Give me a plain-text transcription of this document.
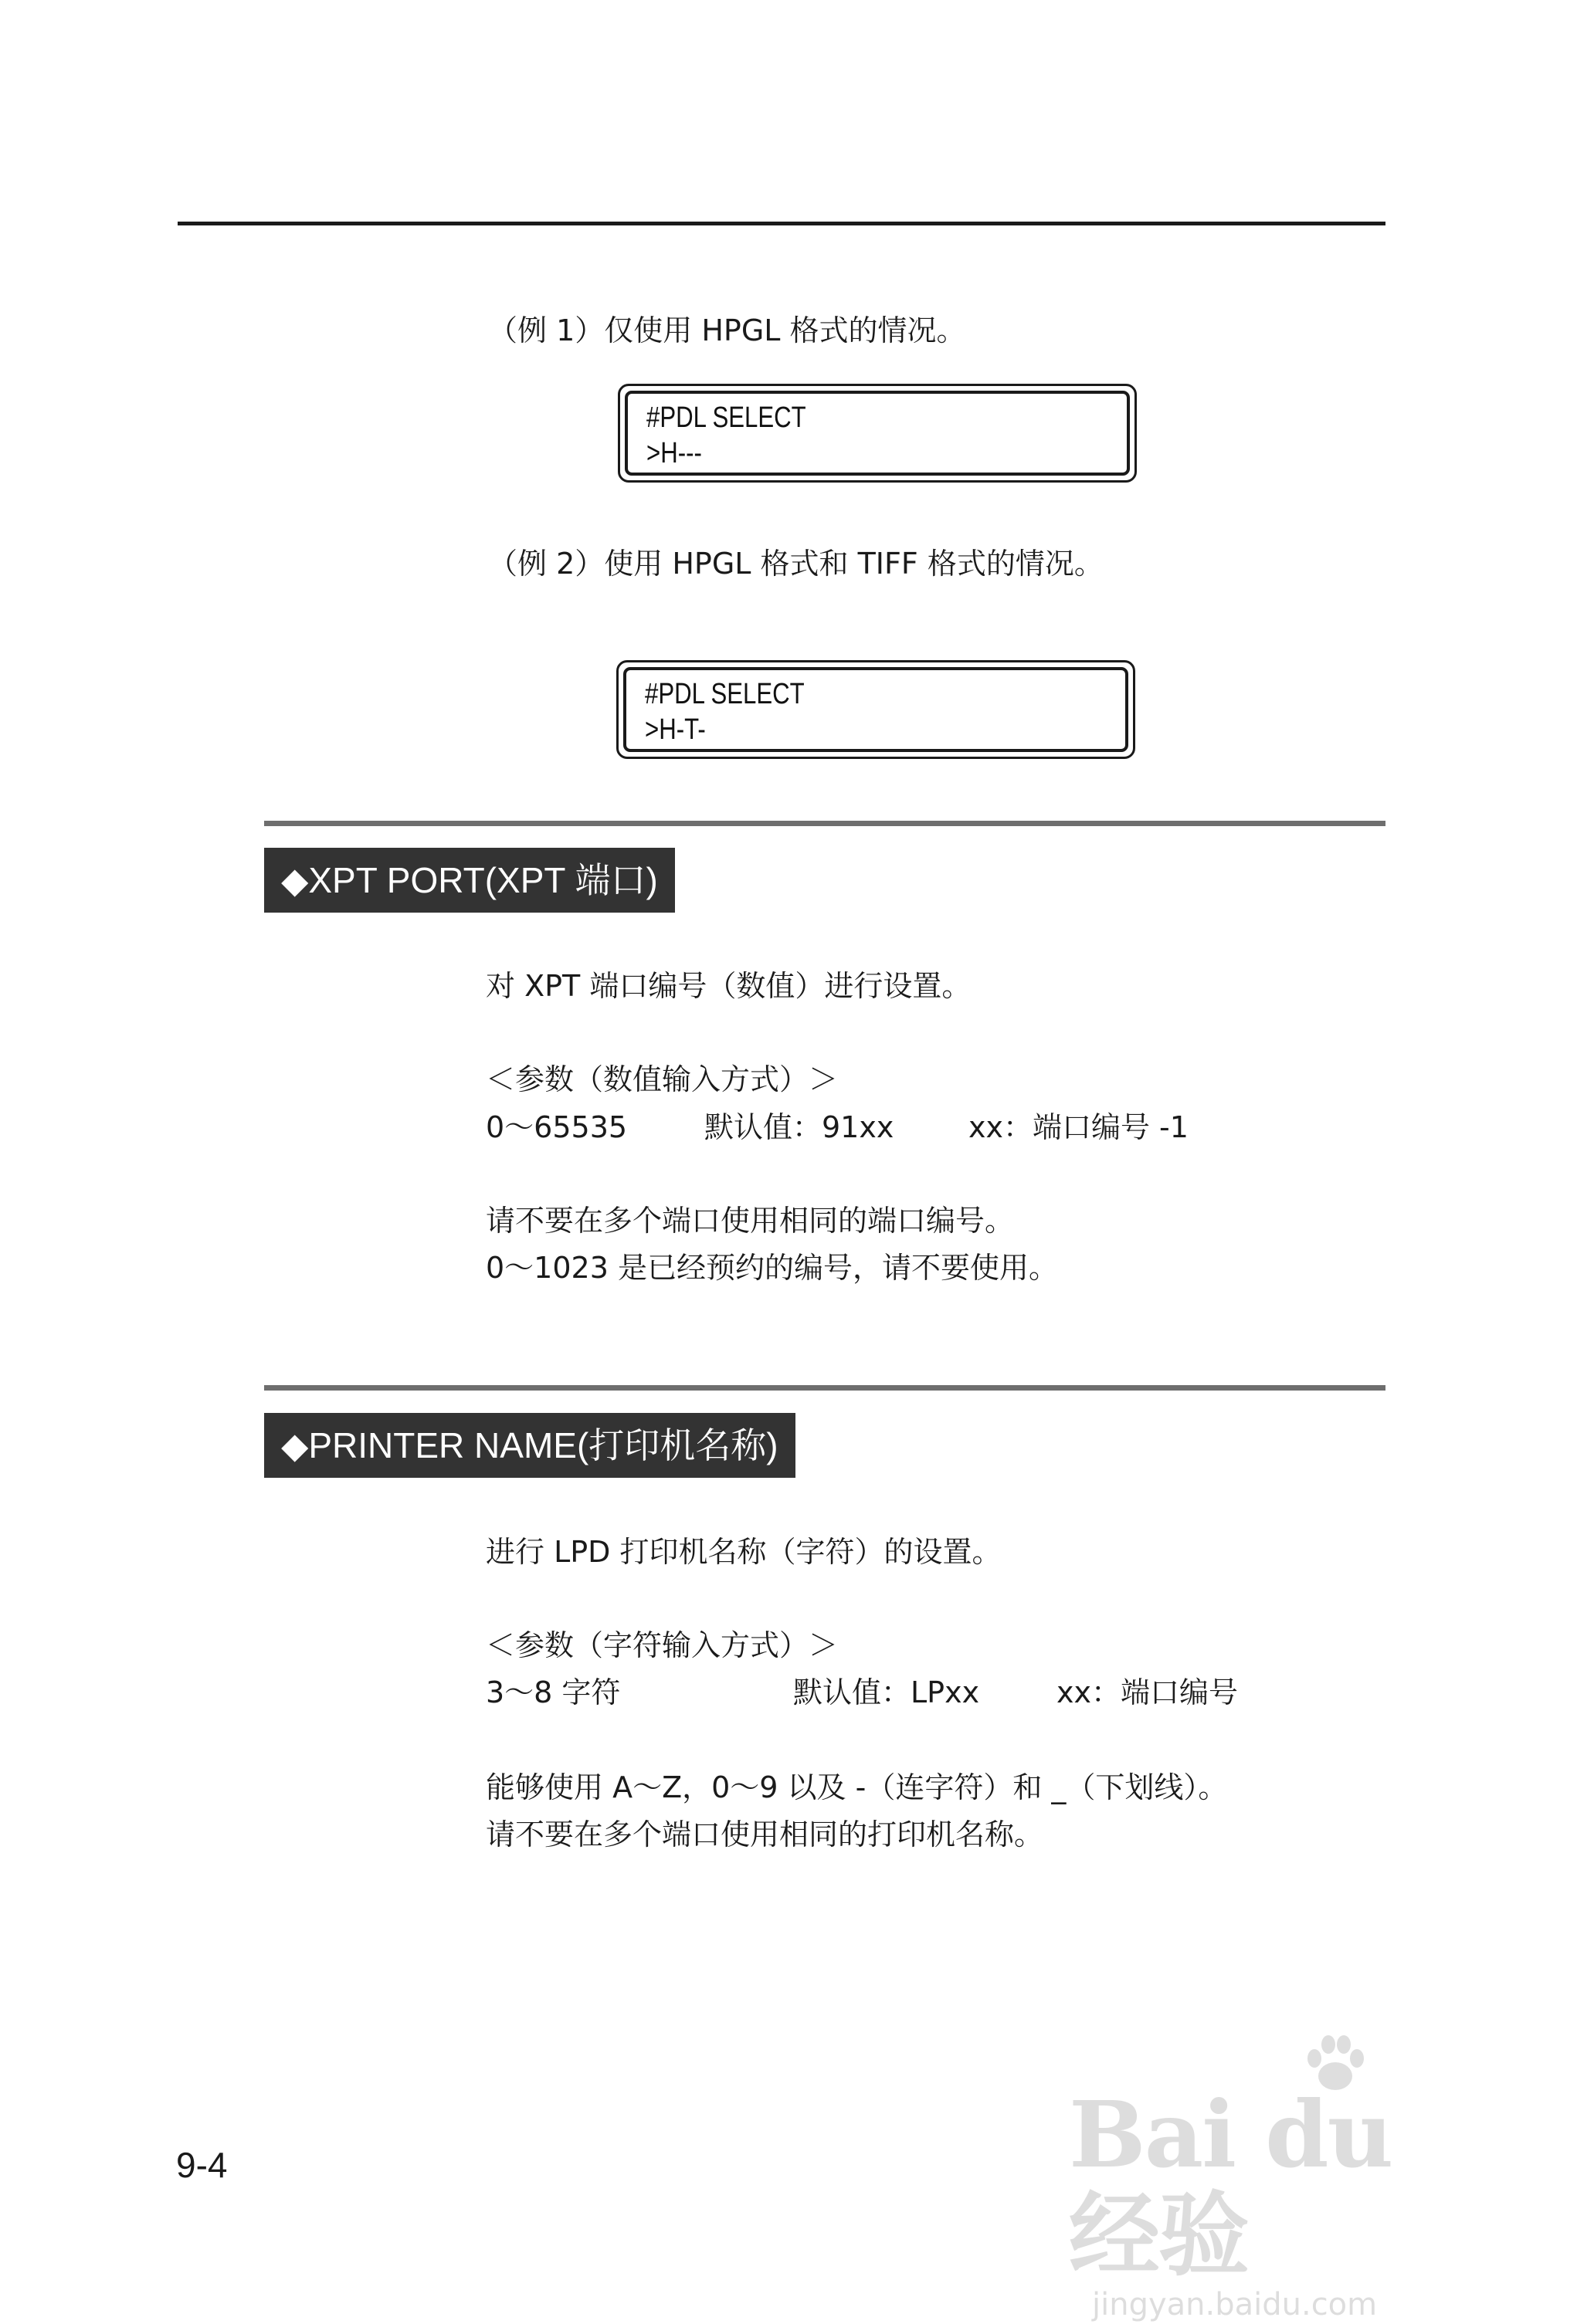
（例 1）仅使用 HPGL 格式的情况。
#PDL SELECT
>H---
（例 2）使用 HPGL 格式和 TIFF 格式的情况。
#PDL SELECT
>H-T-
◆XPT PORT(XPT 端口)
对 XPT 端口编号（数值）进行设置。
＜参数（数值输入方式）＞
0～65535	默认值：91xx	xx：端口编号 -1
请不要在多个端口使用相同的端口编号。
0～1023 是已经预约的编号，请不要使用。
◆PRINTER NAME(打印机名称)
进行 LPD 打印机名称（字符）的设置。
＜参数（字符输入方式）＞
3～8 字符	默认值：LPxx	xx：端口编号
能够使用 A～Z，0～9 以及 -（连字符）和 _（下划线）。
请不要在多个端口使用相同的打印机名称。
9-4	Bai du 经验
jingyan.baidu.com
